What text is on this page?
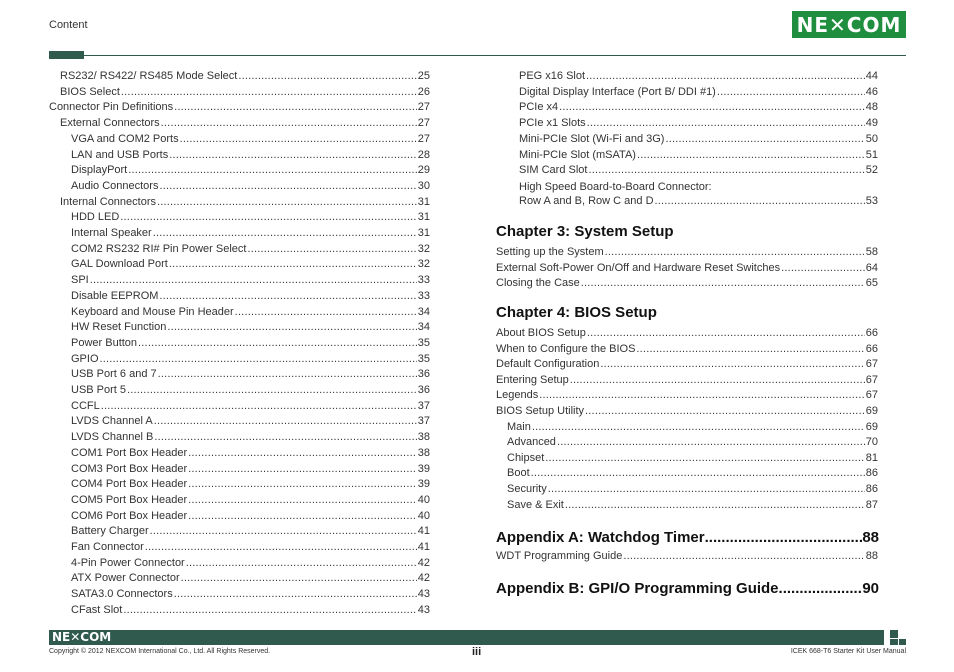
Content	NE✕COM
RS232/ RS422/ RS485 Mode Select .....	25
BIOS Select .....	26
Connector Pin Definitions .....	27
External Connectors .....	27
VGA and COM2 Ports .....	27
LAN and USB Ports .....	28
DisplayPort .....	29
Audio Connectors .....	30
Internal Connectors .....	31
HDD LED .....	31
Internal Speaker .....	31
COM2 RS232 RI# Pin Power Select .....	32
GAL Download Port .....	32
SPI .....	33
Disable EEPROM .....	33
Keyboard and Mouse Pin Header .....	34
HW Reset Function .....	34
Power Button .....	35
GPIO .....	35
USB Port 6 and 7 .....	36
USB Port 5 .....	36
CCFL .....	37
LVDS Channel A .....	37
LVDS Channel B .....	38
COM1 Port Box Header .....	38
COM3 Port Box Header .....	39
COM4 Port Box Header .....	39
COM5 Port Box Header .....	40
COM6 Port Box Header .....	40
Battery Charger .....	41
Fan Connector .....	41
4-Pin Power Connector .....	42
ATX Power Connector .....	42
SATA3.0 Connectors .....	43
CFast Slot .....	43
PEG x16 Slot .....	44
Digital Display Interface (Port B/ DDI #1) .....	46
PCIe x4 .....	48
PCIe x1 Slots .....	49
Mini-PCIe Slot (Wi-Fi and 3G) .....	50
Mini-PCIe Slot (mSATA) .....	51
SIM Card Slot .....	52
High Speed Board-to-Board Connector:
Row A and B, Row C and D .....	53
Setting up the System .....	58
External Soft-Power On/Off and Hardware Reset Switches .....	64
Closing the Case .....	65
About BIOS Setup .....	66
When to Configure the BIOS .....	66
Default Configuration .....	67
Entering Setup .....	67
Legends .....	67
BIOS Setup Utility .....	69
Main .....	69
Advanced .....	70
Chipset .....	81
Boot .....	86
Security .....	86
Save & Exit .....	87
WDT Programming Guide .....	88
Chapter 3: System Setup
Chapter 4: BIOS Setup
Appendix A: Watchdog Timer .....	88
Appendix B: GPI/O Programming Guide .....	90
NE✕COM
Copyright © 2012 NEXCOM International Co., Ltd. All Rights Reserved.	iii	ICEK 668-T6 Starter Kit User Manual
